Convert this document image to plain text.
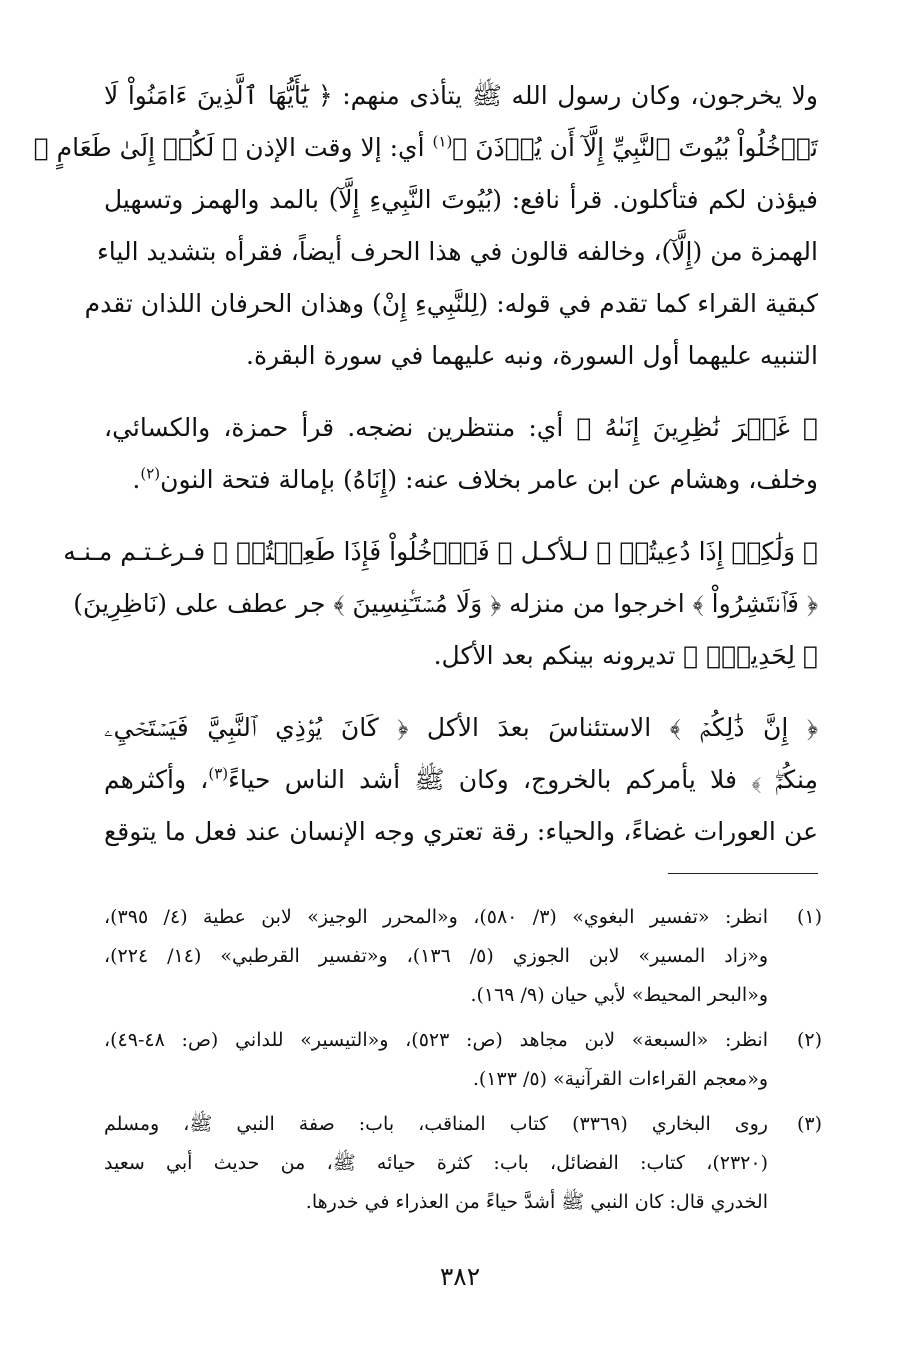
ولا يخرجون، وكان رسول الله ﷺ يتأذى منهم: ﴿ يَٰٓأَيُّهَا ٱلَّذِينَ ءَامَنُواْ لَا
تَدۡخُلُواْ بُيُوتَ ٱلنَّبِيِّ إِلَّآ أَن يُؤۡذَنَ ﴾$^{(١)}$ أي: إلا وقت الإذن ﴿ لَكُمۡ إِلَىٰ طَعَامٍ ﴾
فيؤذن لكم فتأكلون. قرأ نافع: (بُيُوتَ النَّبِيءِ إِلَّآ) بالمد والهمز وتسهيل
الهمزة من (إِلَّآ)، وخالفه قالون في هذا الحرف أيضاً، فقرأه بتشديد الياء
كبقية القراء كما تقدم في قوله: (لِلنَّبِيءِ إِنْ) وهذان الحرفان اللذان تقدم
التنبيه عليهما أول السورة، ونبه عليهما في سورة البقرة.
﴿ غَيۡرَ نَٰظِرِينَ إِنَىٰهُ ﴾ أي: منتظرين نضجه. قرأ حمزة، والكسائي،
وخلف، وهشام عن ابن عامر بخلاف عنه: (إِنَاهُ) بإمالة فتحة النون$^{(٢)}$.
﴿ وَلَٰكِنۡ إِذَا دُعِيتُمۡ ﴾ لـلأكـل ﴿ فَٱدۡخُلُواْ فَإِذَا طَعِمۡتُمۡ ﴾ فـرغـتـم مـنـه
﴿ فَٱنتَشِرُواْ ﴾ اخرجوا من منزله ﴿ وَلَا مُسۡتَـٔۡنِسِينَ ﴾ جر عطف على (نَاظِرِينَ)
﴿ لِحَدِيثٍۚ ﴾ تديرونه بينكم بعد الأكل.
﴿ إِنَّ ذَٰلِكُمۡ ﴾ الاستئناسَ بعدَ الأكل ﴿ كَانَ يُؤۡذِي ٱلنَّبِيَّ فَيَسۡتَحۡيِۦ
مِنكُمۡۖ ﴾ فلا يأمركم بالخروج، وكان ﷺ أشد الناس حياءً$^{(٣)}$، وأكثرهم
عن العورات غضاءً، والحياء: رقة تعتري وجه الإنسان عند فعل ما يتوقع
(١)
انظر: «تفسير البغوي» (٣/ ٥٨٠)، و«المحرر الوجيز» لابن عطية (٤/ ٣٩٥)،
و«زاد المسير» لابن الجوزي (٥/ ١٣٦)، و«تفسير القرطبي» (١٤/ ٢٢٤)،
و«البحر المحيط» لأبي حيان (٩/ ١٦٩).
(٢)
انظر: «السبعة» لابن مجاهد (ص: ٥٢٣)، و«التيسير» للداني (ص: ٤٨-٤٩)،
و«معجم القراءات القرآنية» (٥/ ١٣٣).
(٣)
روى البخاري (٣٣٦٩) كتاب المناقب، باب: صفة النبي ﷺ، ومسلم
(٢٣٢٠)، كتاب: الفضائل، باب: كثرة حيائه ﷺ، من حديث أبي سعيد
الخدري قال: كان النبي ﷺ أشدَّ حياءً من العذراء في خدرها.
٣٨٢
